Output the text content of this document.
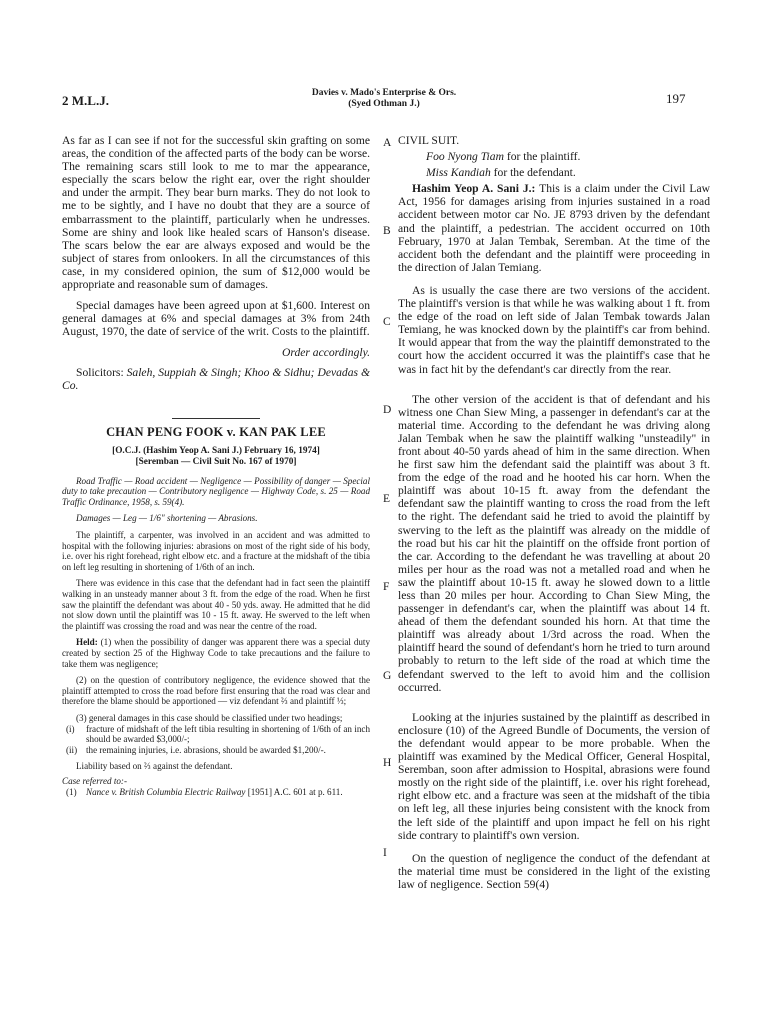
2 M.L.J.	Davies v. Mado's Enterprise & Ors.
(Syed Othman J.)	197

As far as I can see if not for the successful skin grafting on some areas, the condition of the affected parts of the body can be worse. The remaining scars still look to me to mar the appearance, especially the scars below the right ear, over the right shoulder and under the armpit. They bear burn marks. They do not look to me to be sightly, and I have no doubt that they are a source of embarrassment to the plaintiff, particularly when he undresses. Some are shiny and look like healed scars of Hanson's disease. The scars below the ear are always exposed and would be the subject of stares from onlookers. In all the circumstances of this case, in my considered opinion, the sum of $12,000 would be appropriate and reasonable sum of damages.

Special damages have been agreed upon at $1,600. Interest on general damages at 6% and special damages at 3% from 24th August, 1970, the date of service of the writ. Costs to the plaintiff.

Order accordingly.

Solicitors: Saleh, Suppiah & Singh; Khoo & Sidhu; Devadas & Co.

CHAN PENG FOOK v. KAN PAK LEE
[O.C.J. (Hashim Yeop A. Sani J.) February 16, 1974]
[Seremban — Civil Suit No. 167 of 1970]

Road Traffic — Road accident — Negligence — Possibility of danger — Special duty to take precaution — Contributory negligence — Highway Code, s. 25 — Road Traffic Ordinance, 1958, s. 59(4).

Damages — Leg — 1/6" shortening — Abrasions.

The plaintiff, a carpenter, was involved in an accident and was admitted to hospital with the following injuries: abrasions on most of the right side of his body, i.e. over his right forehead, right elbow etc. and a fracture at the midshaft of the tibia on left leg resulting in shortening of 1/6th of an inch.

There was evidence in this case that the defendant had in fact seen the plaintiff walking in an unsteady manner about 3 ft. from the edge of the road. When he first saw the plaintiff the defendant was about 40 - 50 yds. away. He admitted that he did not slow down until the plaintiff was 10 - 15 ft. away. He swerved to the left when the plaintiff was crossing the road and was near the centre of the road.

Held: (1) when the possibility of danger was apparent there was a special duty created by section 25 of the Highway Code to take precautions and the failure to take them was negligence;

(2) on the question of contributory negligence, the evidence showed that the plaintiff attempted to cross the road before first ensuring that the road was clear and therefore the blame should be apportioned — viz defendant ⅔ and plaintiff ⅓;

(3) general damages in this case should be classified under two headings;

(i) fracture of midshaft of the left tibia resulting in shortening of 1/6th of an inch should be awarded $3,000/-;
(ii) the remaining injuries, i.e. abrasions, should be awarded $1,200/-.

Liability based on ⅔ against the defendant.

Case referred to:-

(1) Nance v. British Columbia Electric Railway [1951] A.C. 601 at p. 611.
A
B
C
D
E
F
G
H
I

CIVIL SUIT.

Foo Nyong Tiam for the plaintiff.

Miss Kandiah for the defendant.

Hashim Yeop A. Sani J.: This is a claim under the Civil Law Act, 1956 for damages arising from injuries sustained in a road accident between motor car No. JE 8793 driven by the defendant and the plaintiff, a pedestrian. The accident occurred on 10th February, 1970 at Jalan Tembak, Seremban. At the time of the accident both the defendant and the plaintiff were proceeding in the direction of Jalan Temiang.

As is usually the case there are two versions of the accident. The plaintiff's version is that while he was walking about 1 ft. from the edge of the road on left side of Jalan Tembak towards Jalan Temiang, he was knocked down by the plaintiff's car from behind. It would appear that from the way the plaintiff demonstrated to the court how the accident occurred it was the plaintiff's case that he was in fact hit by the defendant's car directly from the rear.

The other version of the accident is that of defendant and his witness one Chan Siew Ming, a passenger in defendant's car at the material time. According to the defendant he was driving along Jalan Tembak when he saw the plaintiff walking "unsteadily" in front about 40-50 yards ahead of him in the same direction. When he first saw him the defendant said the plaintiff was about 3 ft. from the edge of the road and he hooted his car horn. When the plaintiff was about 10-15 ft. away from the defendant the defendant saw the plaintiff wanting to cross the road from the left to the right. The defendant said he tried to avoid the plaintiff by swerving to the left as the plaintiff was already on the middle of the road but his car hit the plaintiff on the offside front portion of the car. According to the defendant he was travelling at about 20 miles per hour as the road was not a metalled road and when he saw the plaintiff about 10-15 ft. away he slowed down to a little less than 20 miles per hour. According to Chan Siew Ming, the passenger in defendant's car, when the plaintiff was about 14 ft. ahead of them the defendant sounded his horn. At that time the plaintiff was already about 1/3rd across the road. When the plaintiff heard the sound of defendant's horn he tried to turn around probably to return to the left side of the road at which time the defendant swerved to the left to avoid him and the collision occurred.

Looking at the injuries sustained by the plaintiff as described in enclosure (10) of the Agreed Bundle of Documents, the version of the defendant would appear to be more probable. When the plaintiff was examined by the Medical Officer, General Hospital, Seremban, soon after admission to Hospital, abrasions were found mostly on the right side of the plaintiff, i.e. over his right forehead, right elbow etc. and a fracture was seen at the midshaft of the tibia on left leg, all these injuries being consistent with the knock from the left side of the plaintiff and upon impact he fell on his right side contrary to plaintiff's own version.

On the question of negligence the conduct of the defendant at the material time must be considered in the light of the existing law of negligence. Section 59(4)
